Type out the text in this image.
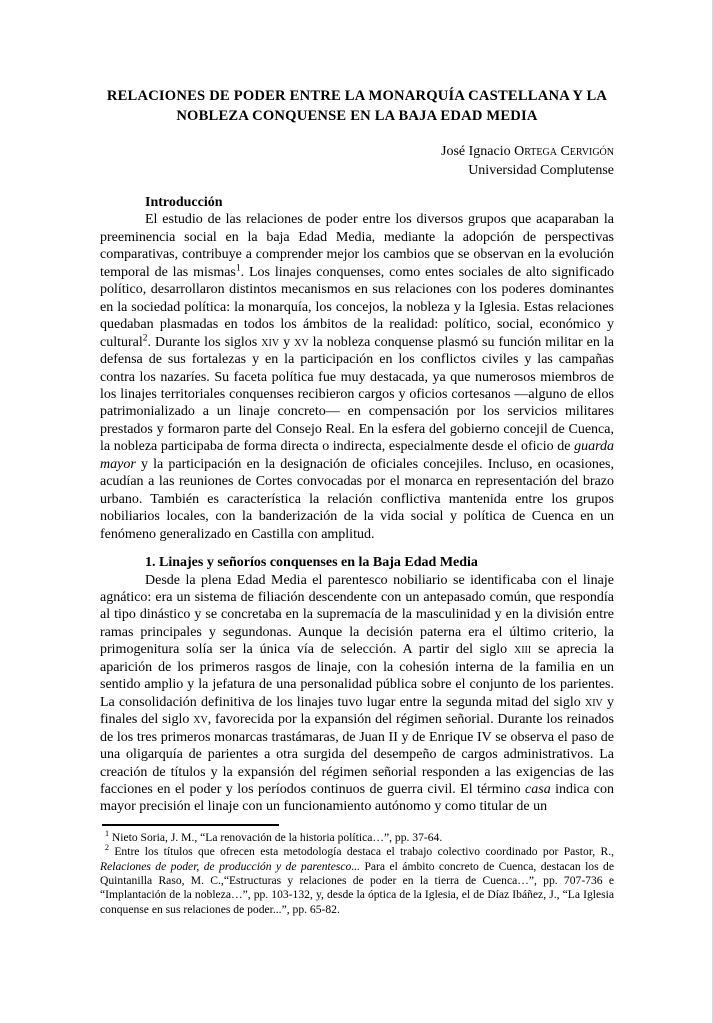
RELACIONES DE PODER ENTRE LA MONARQUÍA CASTELLANA Y LA
NOBLEZA CONQUENSE EN LA BAJA EDAD MEDIA
José Ignacio Ortega Cervigón
Universidad Complutense
Introducción

El estudio de las relaciones de poder entre los diversos grupos que acaparaban la preeminencia social en la baja Edad Media, mediante la adopción de perspectivas comparativas, contribuye a comprender mejor los cambios que se observan en la evolución temporal de las mismas$^1$. Los linajes conquenses, como entes sociales de alto significado político, desarrollaron distintos mecanismos en sus relaciones con los poderes dominantes en la sociedad política: la monarquía, los concejos, la nobleza y la Iglesia. Estas relaciones quedaban plasmadas en todos los ámbitos de la realidad: político, social, económico y cultural$^2$. Durante los siglos xiv y xv la nobleza conquense plasmó su función militar en la defensa de sus fortalezas y en la participación en los conflictos civiles y las campañas contra los nazaríes. Su faceta política fue muy destacada, ya que numerosos miembros de los linajes territoriales conquenses recibieron cargos y oficios cortesanos —alguno de ellos patrimonializado a un linaje concreto— en compensación por los servicios militares prestados y formaron parte del Consejo Real. En la esfera del gobierno concejil de Cuenca, la nobleza participaba de forma directa o indirecta, especialmente desde el oficio de guarda mayor y la participación en la designación de oficiales concejiles. Incluso, en ocasiones, acudían a las reuniones de Cortes convocadas por el monarca en representación del brazo urbano. También es característica la relación conflictiva mantenida entre los grupos nobiliarios locales, con la banderización de la vida social y política de Cuenca en un fenómeno generalizado en Castilla con amplitud.

1. Linajes y señoríos conquenses en la Baja Edad Media

Desde la plena Edad Media el parentesco nobiliario se identificaba con el linaje agnático: era un sistema de filiación descendente con un antepasado común, que respondía al tipo dinástico y se concretaba en la supremacía de la masculinidad y en la división entre ramas principales y segundonas. Aunque la decisión paterna era el último criterio, la primogenitura solía ser la única vía de selección. A partir del siglo xiii se aprecia la aparición de los primeros rasgos de linaje, con la cohesión interna de la familia en un sentido amplio y la jefatura de una personalidad pública sobre el conjunto de los parientes. La consolidación definitiva de los linajes tuvo lugar entre la segunda mitad del siglo xiv y finales del siglo xv, favorecida por la expansión del régimen señorial. Durante los reinados de los tres primeros monarcas trastámaras, de Juan II y de Enrique IV se observa el paso de una oligarquía de parientes a otra surgida del desempeño de cargos administrativos. La creación de títulos y la expansión del régimen señorial responden a las exigencias de las facciones en el poder y los períodos continuos de guerra civil. El término casa indica con mayor precisión el linaje con un funcionamiento autónomo y como titular de un

$^1$ Nieto Soria, J. M., “La renovación de la historia política…”, pp. 37-64.

$^2$ Entre los títulos que ofrecen esta metodología destaca el trabajo colectivo coordinado por Pastor, R., Relaciones de poder, de producción y de parentesco... Para el ámbito concreto de Cuenca, destacan los de Quintanilla Raso, M. C.,“Estructuras y relaciones de poder en la tierra de Cuenca…”, pp. 707-736 e “Implantación de la nobleza…”, pp. 103-132, y, desde la óptica de la Iglesia, el de Díaz Ibáñez, J., “La Iglesia conquense en sus relaciones de poder...”, pp. 65-82.
